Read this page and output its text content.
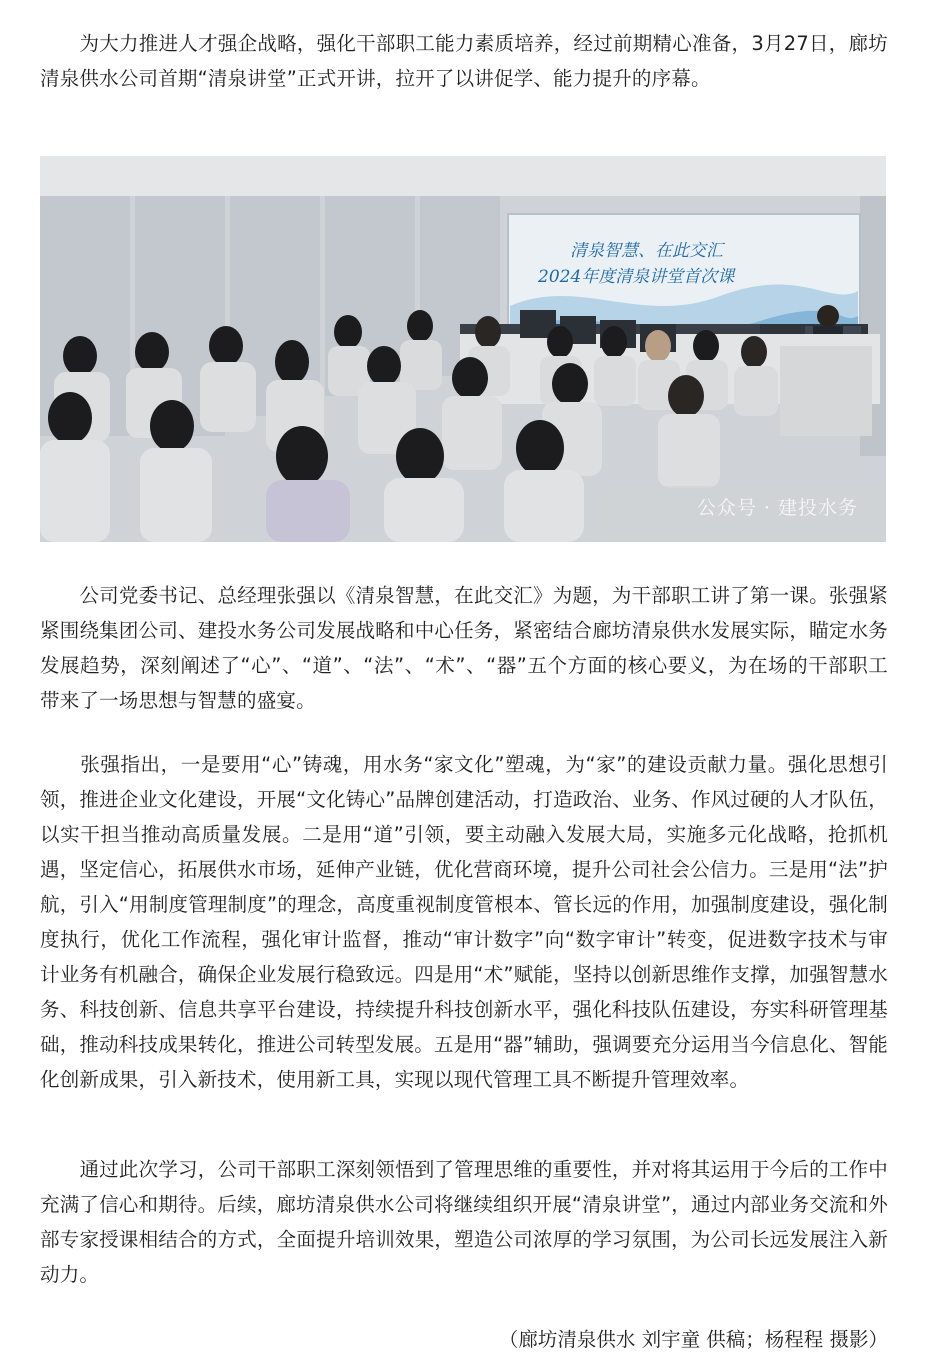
　　为大力推进人才强企战略，强化干部职工能力素质培养，经过前期精心准备，3月27日，廊坊清泉供水公司首期“清泉讲堂”正式开讲，拉开了以讲促学、能力提升的序幕。

清泉智慧、在此交汇
2024年度清泉讲堂首次课
公众号 · 建投水务

　　公司党委书记、总经理张强以《清泉智慧，在此交汇》为题，为干部职工讲了第一课。张强紧紧围绕集团公司、建投水务公司发展战略和中心任务，紧密结合廊坊清泉供水发展实际，瞄定水务发展趋势，深刻阐述了“心”、“道”、“法”、“术”、“器”五个方面的核心要义，为在场的干部职工带来了一场思想与智慧的盛宴。

　　张强指出，一是要用“心”铸魂，用水务“家文化”塑魂，为“家”的建设贡献力量。强化思想引领，推进企业文化建设，开展“文化铸心”品牌创建活动，打造政治、业务、作风过硬的人才队伍，以实干担当推动高质量发展。二是用“道”引领，要主动融入发展大局，实施多元化战略，抢抓机遇，坚定信心，拓展供水市场，延伸产业链，优化营商环境，提升公司社会公信力。三是用“法”护航，引入“用制度管理制度”的理念，高度重视制度管根本、管长远的作用，加强制度建设，强化制度执行，优化工作流程，强化审计监督，推动“审计数字”向“数字审计”转变，促进数字技术与审计业务有机融合，确保企业发展行稳致远。四是用“术”赋能，坚持以创新思维作支撑，加强智慧水务、科技创新、信息共享平台建设，持续提升科技创新水平，强化科技队伍建设，夯实科研管理基础，推动科技成果转化，推进公司转型发展。五是用“器”辅助，强调要充分运用当今信息化、智能化创新成果，引入新技术，使用新工具，实现以现代管理工具不断提升管理效率。

　　通过此次学习，公司干部职工深刻领悟到了管理思维的重要性，并对将其运用于今后的工作中充满了信心和期待。后续，廊坊清泉供水公司将继续组织开展“清泉讲堂”，通过内部业务交流和外部专家授课相结合的方式，全面提升培训效果，塑造公司浓厚的学习氛围，为公司长远发展注入新动力。

（廊坊清泉供水 刘宇童 供稿；杨程程 摄影）
